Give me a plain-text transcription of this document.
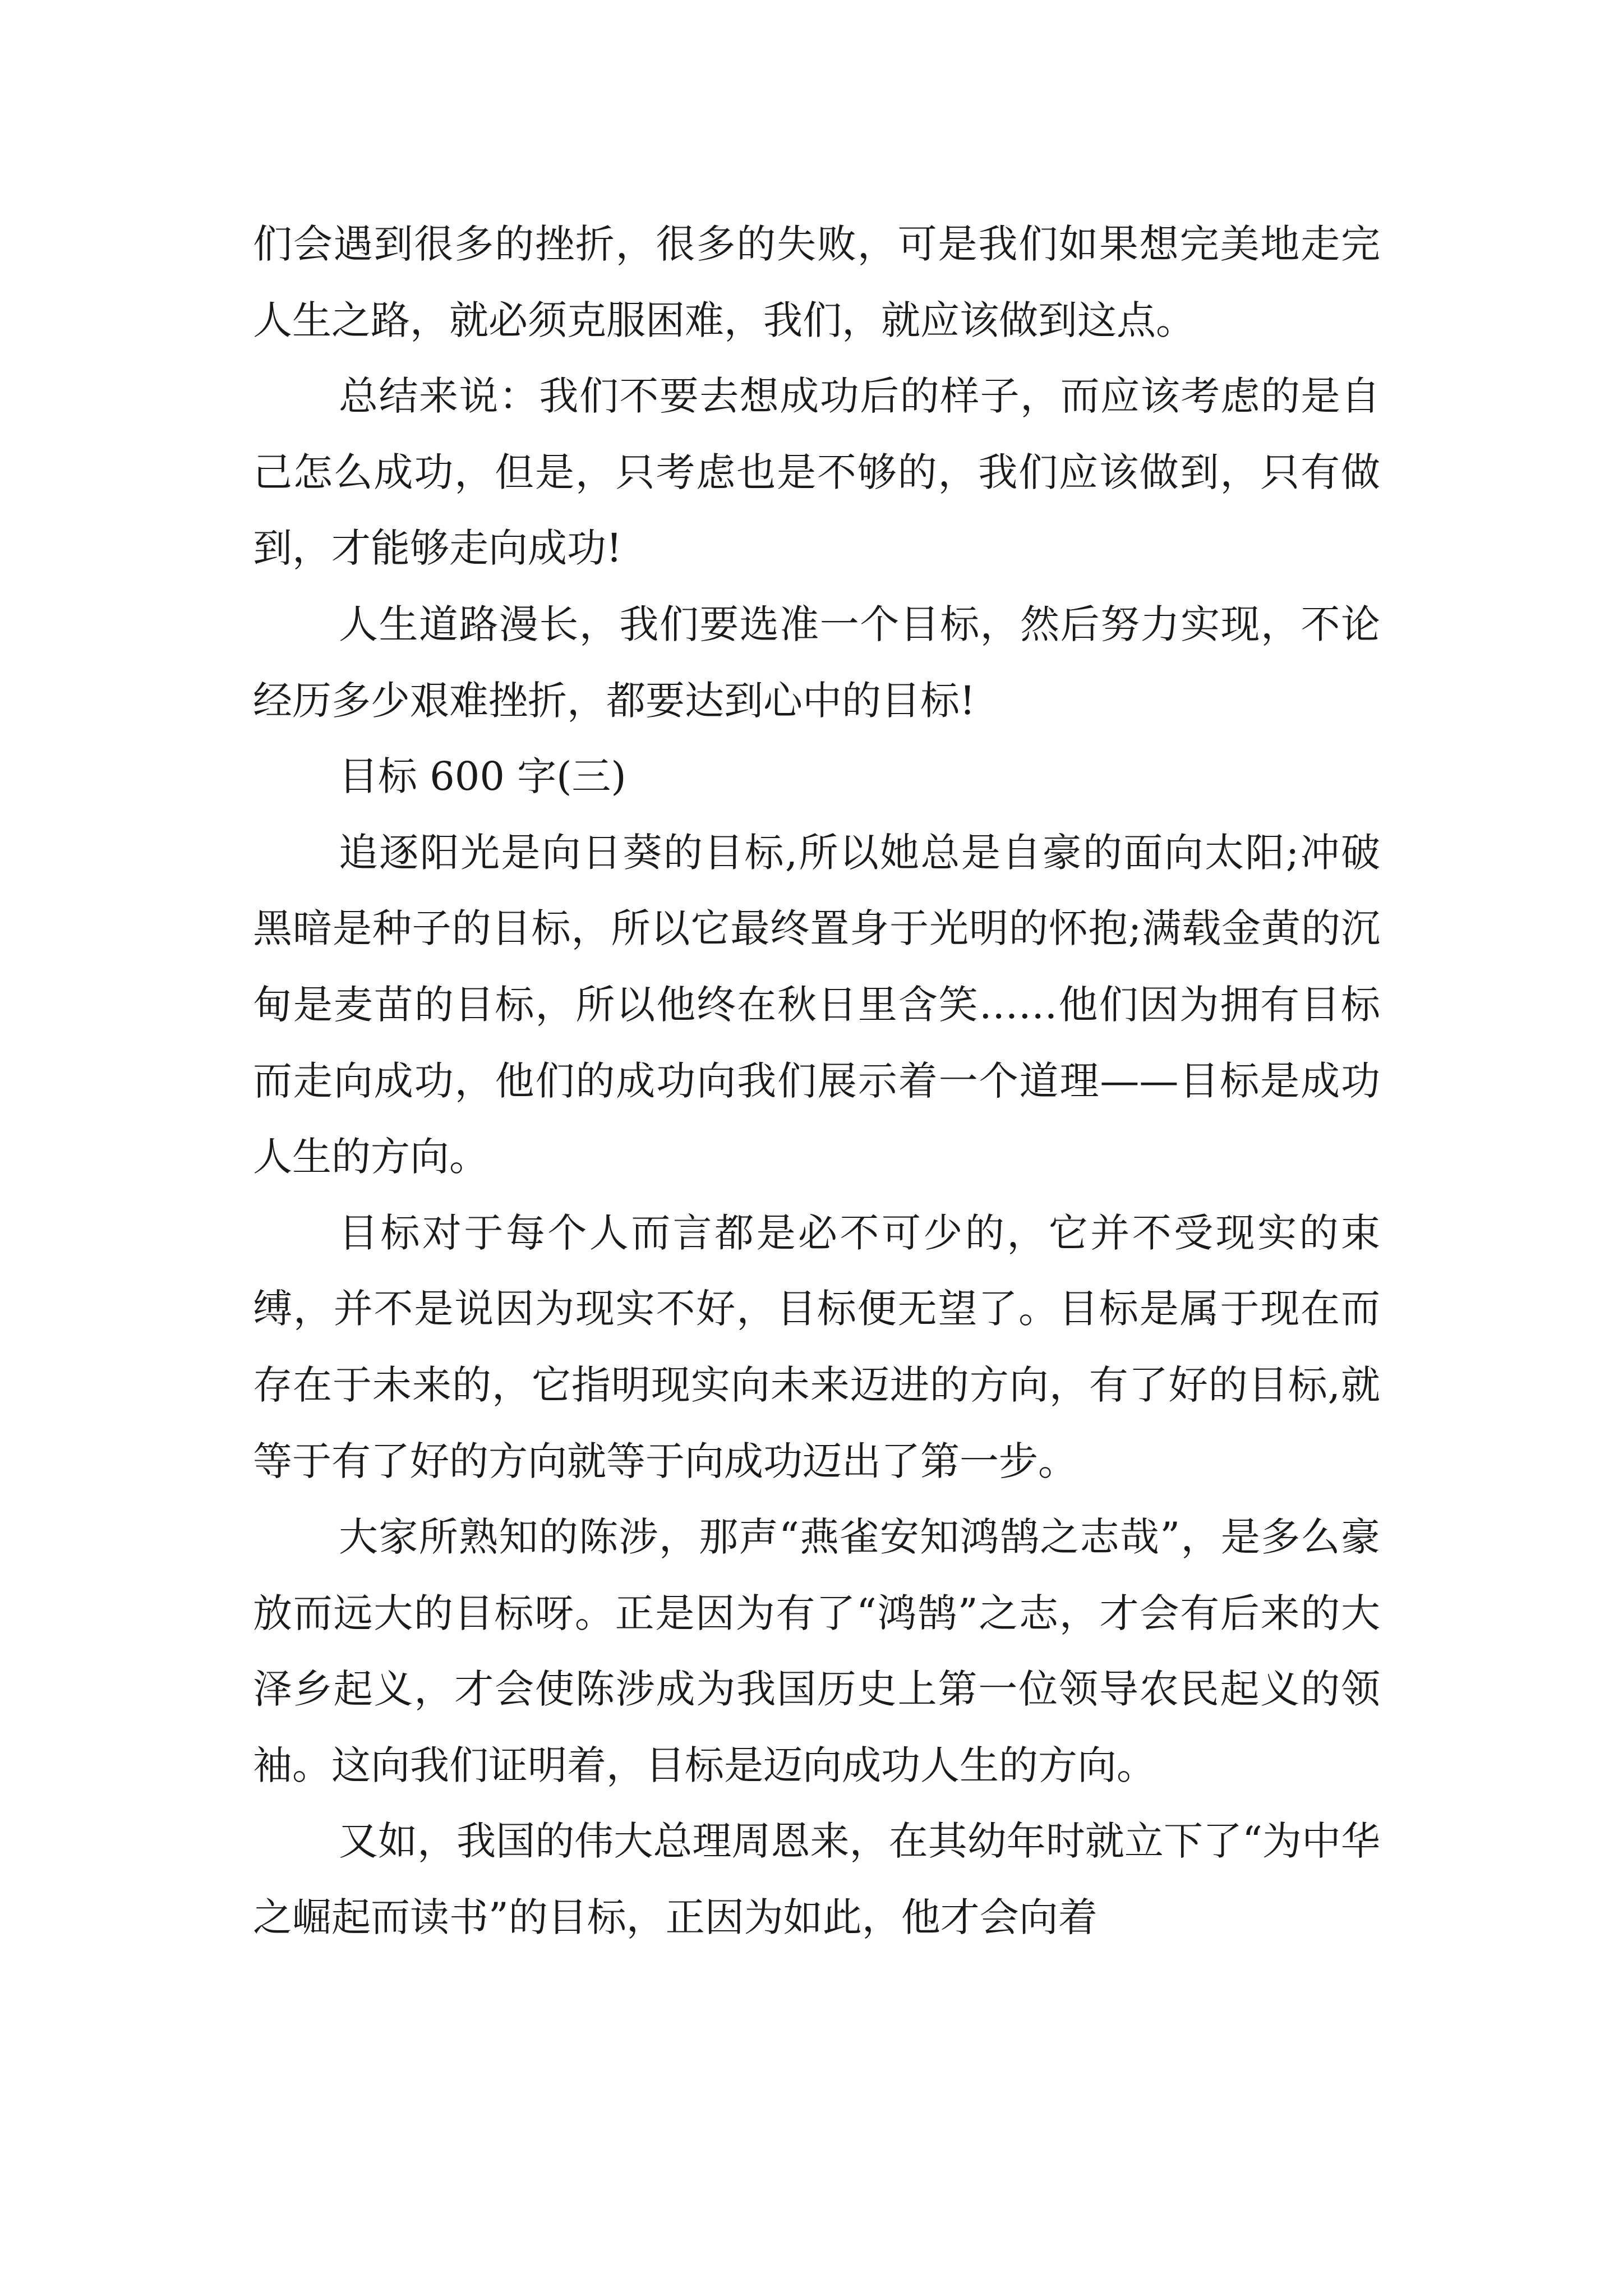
们会遇到很多的挫折，很多的失败，可是我们如果想完美地走完人生之路，就必须克服困难，我们，就应该做到这点。

总结来说：我们不要去想成功后的样子，而应该考虑的是自己怎么成功，但是，只考虑也是不够的，我们应该做到，只有做到，才能够走向成功!

人生道路漫长，我们要选准一个目标，然后努力实现，不论经历多少艰难挫折，都要达到心中的目标!

目标 600 字(三)

追逐阳光是向日葵的目标,所以她总是自豪的面向太阳;冲破黑暗是种子的目标，所以它最终置身于光明的怀抱;满载金黄的沉甸是麦苗的目标，所以他终在秋日里含笑……他们因为拥有目标而走向成功，他们的成功向我们展示着一个道理——目标是成功人生的方向。

目标对于每个人而言都是必不可少的，它并不受现实的束缚，并不是说因为现实不好，目标便无望了。目标是属于现在而存在于未来的，它指明现实向未来迈进的方向，有了好的目标,就等于有了好的方向就等于向成功迈出了第一步。

大家所熟知的陈涉，那声“燕雀安知鸿鹄之志哉”，是多么豪放而远大的目标呀。正是因为有了“鸿鹄”之志，才会有后来的大泽乡起义，才会使陈涉成为我国历史上第一位领导农民起义的领袖。这向我们证明着，目标是迈向成功人生的方向。

又如，我国的伟大总理周恩来，在其幼年时就立下了“为中华之崛起而读书”的目标，正因为如此，他才会向着
